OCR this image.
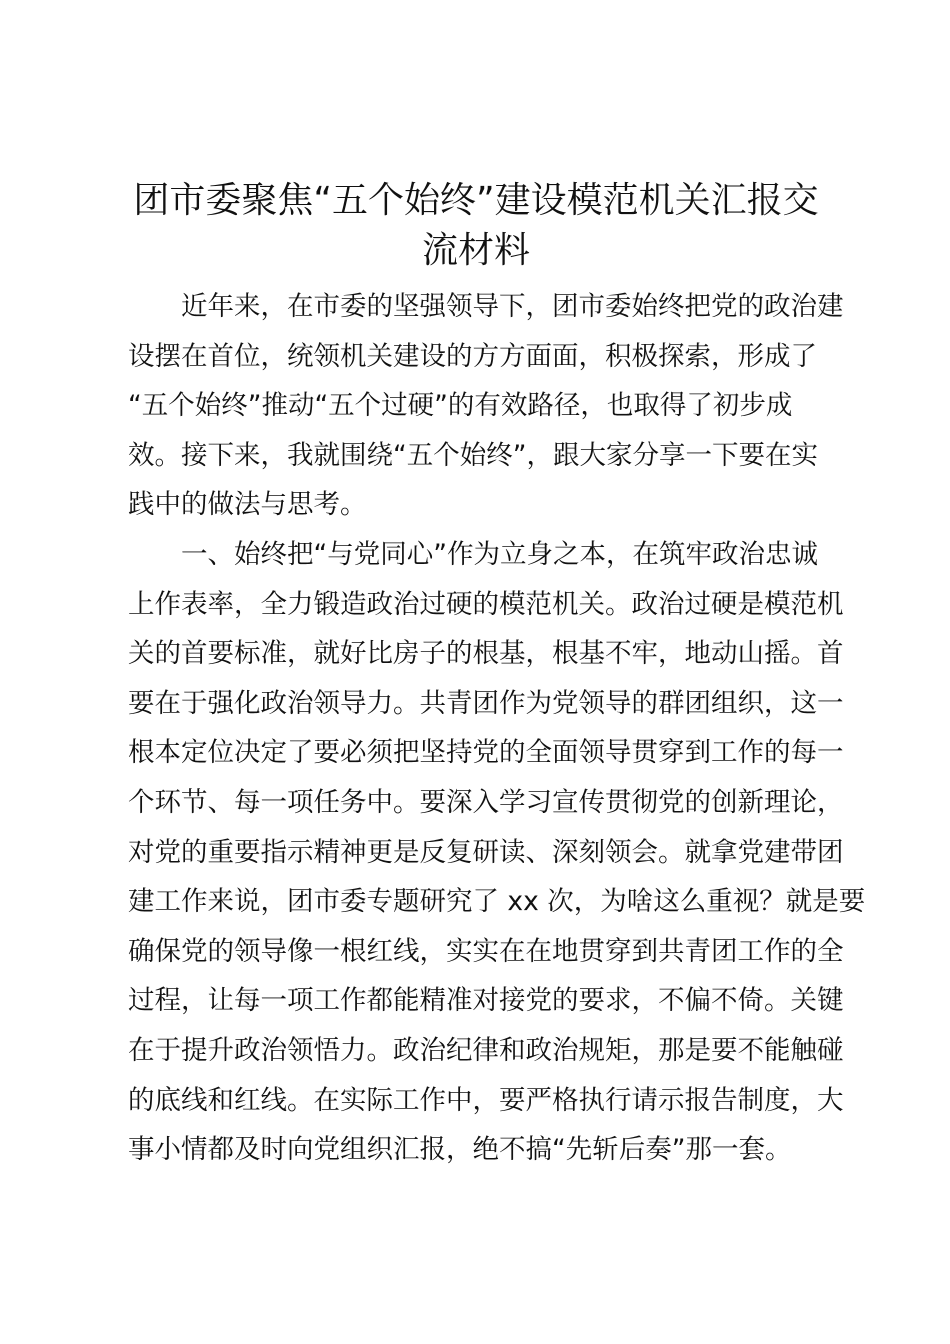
团市委聚焦“五个始终”建设模范机关汇报交
流材料

近年来，在市委的坚强领导下，团市委始终把党的政治建
设摆在首位，统领机关建设的方方面面，积极探索，形成了
“五个始终”推动“五个过硬”的有效路径，也取得了初步成
效。接下来，我就围绕“五个始终”，跟大家分享一下要在实
践中的做法与思考。

一、始终把“与党同心”作为立身之本，在筑牢政治忠诚
上作表率，全力锻造政治过硬的模范机关。政治过硬是模范机
关的首要标准，就好比房子的根基，根基不牢，地动山摇。首
要在于强化政治领导力。共青团作为党领导的群团组织，这一
根本定位决定了要必须把坚持党的全面领导贯穿到工作的每一
个环节、每一项任务中。要深入学习宣传贯彻党的创新理论，
对党的重要指示精神更是反复研读、深刻领会。就拿党建带团
建工作来说，团市委专题研究了 xx 次，为啥这么重视？就是要
确保党的领导像一根红线，实实在在地贯穿到共青团工作的全
过程，让每一项工作都能精准对接党的要求，不偏不倚。关键
在于提升政治领悟力。政治纪律和政治规矩，那是要不能触碰
的底线和红线。在实际工作中，要严格执行请示报告制度，大
事小情都及时向党组织汇报，绝不搞“先斩后奏”那一套。
